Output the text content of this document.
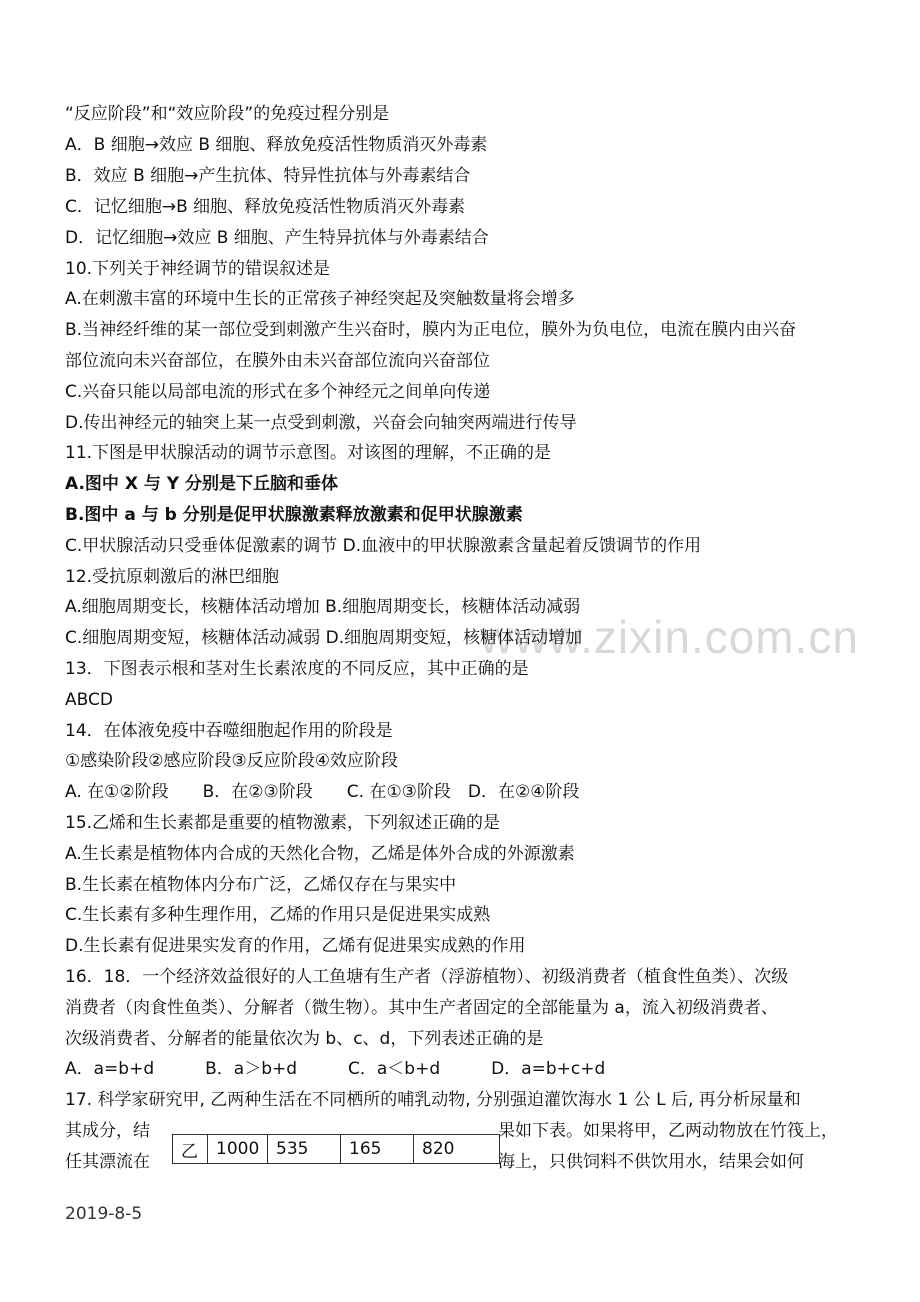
www.zixin.com.cn
“反应阶段”和“效应阶段”的免疫过程分别是
A．B 细胞→效应 B 细胞、释放免疫活性物质消灭外毒素
B．效应 B 细胞→产生抗体、特异性抗体与外毒素结合
C．记忆细胞→B 细胞、释放免疫活性物质消灭外毒素
D．记忆细胞→效应 B 细胞、产生特异抗体与外毒素结合
10.下列关于神经调节的错误叙述是
A.在刺激丰富的环境中生长的正常孩子神经突起及突触数量将会增多
B.当神经纤维的某一部位受到刺激产生兴奋时，膜内为正电位，膜外为负电位，电流在膜内由兴奋
部位流向未兴奋部位，在膜外由未兴奋部位流向兴奋部位
C.兴奋只能以局部电流的形式在多个神经元之间单向传递
D.传出神经元的轴突上某一点受到刺激，兴奋会向轴突两端进行传导
11.下图是甲状腺活动的调节示意图。对该图的理解，不正确的是
A.图中 X 与 Y 分别是下丘脑和垂体
B.图中 a 与 b 分别是促甲状腺激素释放激素和促甲状腺激素
C.甲状腺活动只受垂体促激素的调节 D.血液中的甲状腺激素含量起着反馈调节的作用
12.受抗原刺激后的淋巴细胞
A.细胞周期变长，核糖体活动增加 B.细胞周期变长，核糖体活动减弱
C.细胞周期变短，核糖体活动减弱 D.细胞周期变短，核糖体活动增加
13．下图表示根和茎对生长素浓度的不同反应，其中正确的是
ABCD
14．在体液免疫中吞噬细胞起作用的阶段是
①感染阶段②感应阶段③反应阶段④效应阶段
A. 在①②阶段　　B．在②③阶段　　C. 在①③阶段　D．在②④阶段
15.乙烯和生长素都是重要的植物激素，下列叙述正确的是
A.生长素是植物体内合成的天然化合物，乙烯是体外合成的外源激素
B.生长素在植物体内分布广泛，乙烯仅存在与果实中
C.生长素有多种生理作用，乙烯的作用只是促进果实成熟
D.生长素有促进果实发育的作用，乙烯有促进果实成熟的作用
16．18．一个经济效益很好的人工鱼塘有生产者（浮游植物）、初级消费者（植食性鱼类）、次级
消费者（肉食性鱼类）、分解者（微生物）。其中生产者固定的全部能量为 a，流入初级消费者、
次级消费者、分解者的能量依次为 b、c、d，下列表述正确的是
A．a=b+d　　　B．a＞b+d　　　C．a＜b+d　　　D．a=b+c+d
17. 科学家研究甲, 乙两种生活在不同栖所的哺乳动物, 分别强迫灌饮海水 1 公 L 后, 再分析尿量和
其成分，结
任其漂流在
果如下表。如果将甲，乙两动物放在竹筏上，
海上，只供饲料不供饮用水，结果会如何
乙	1000	535	165	820
2019-8-5
